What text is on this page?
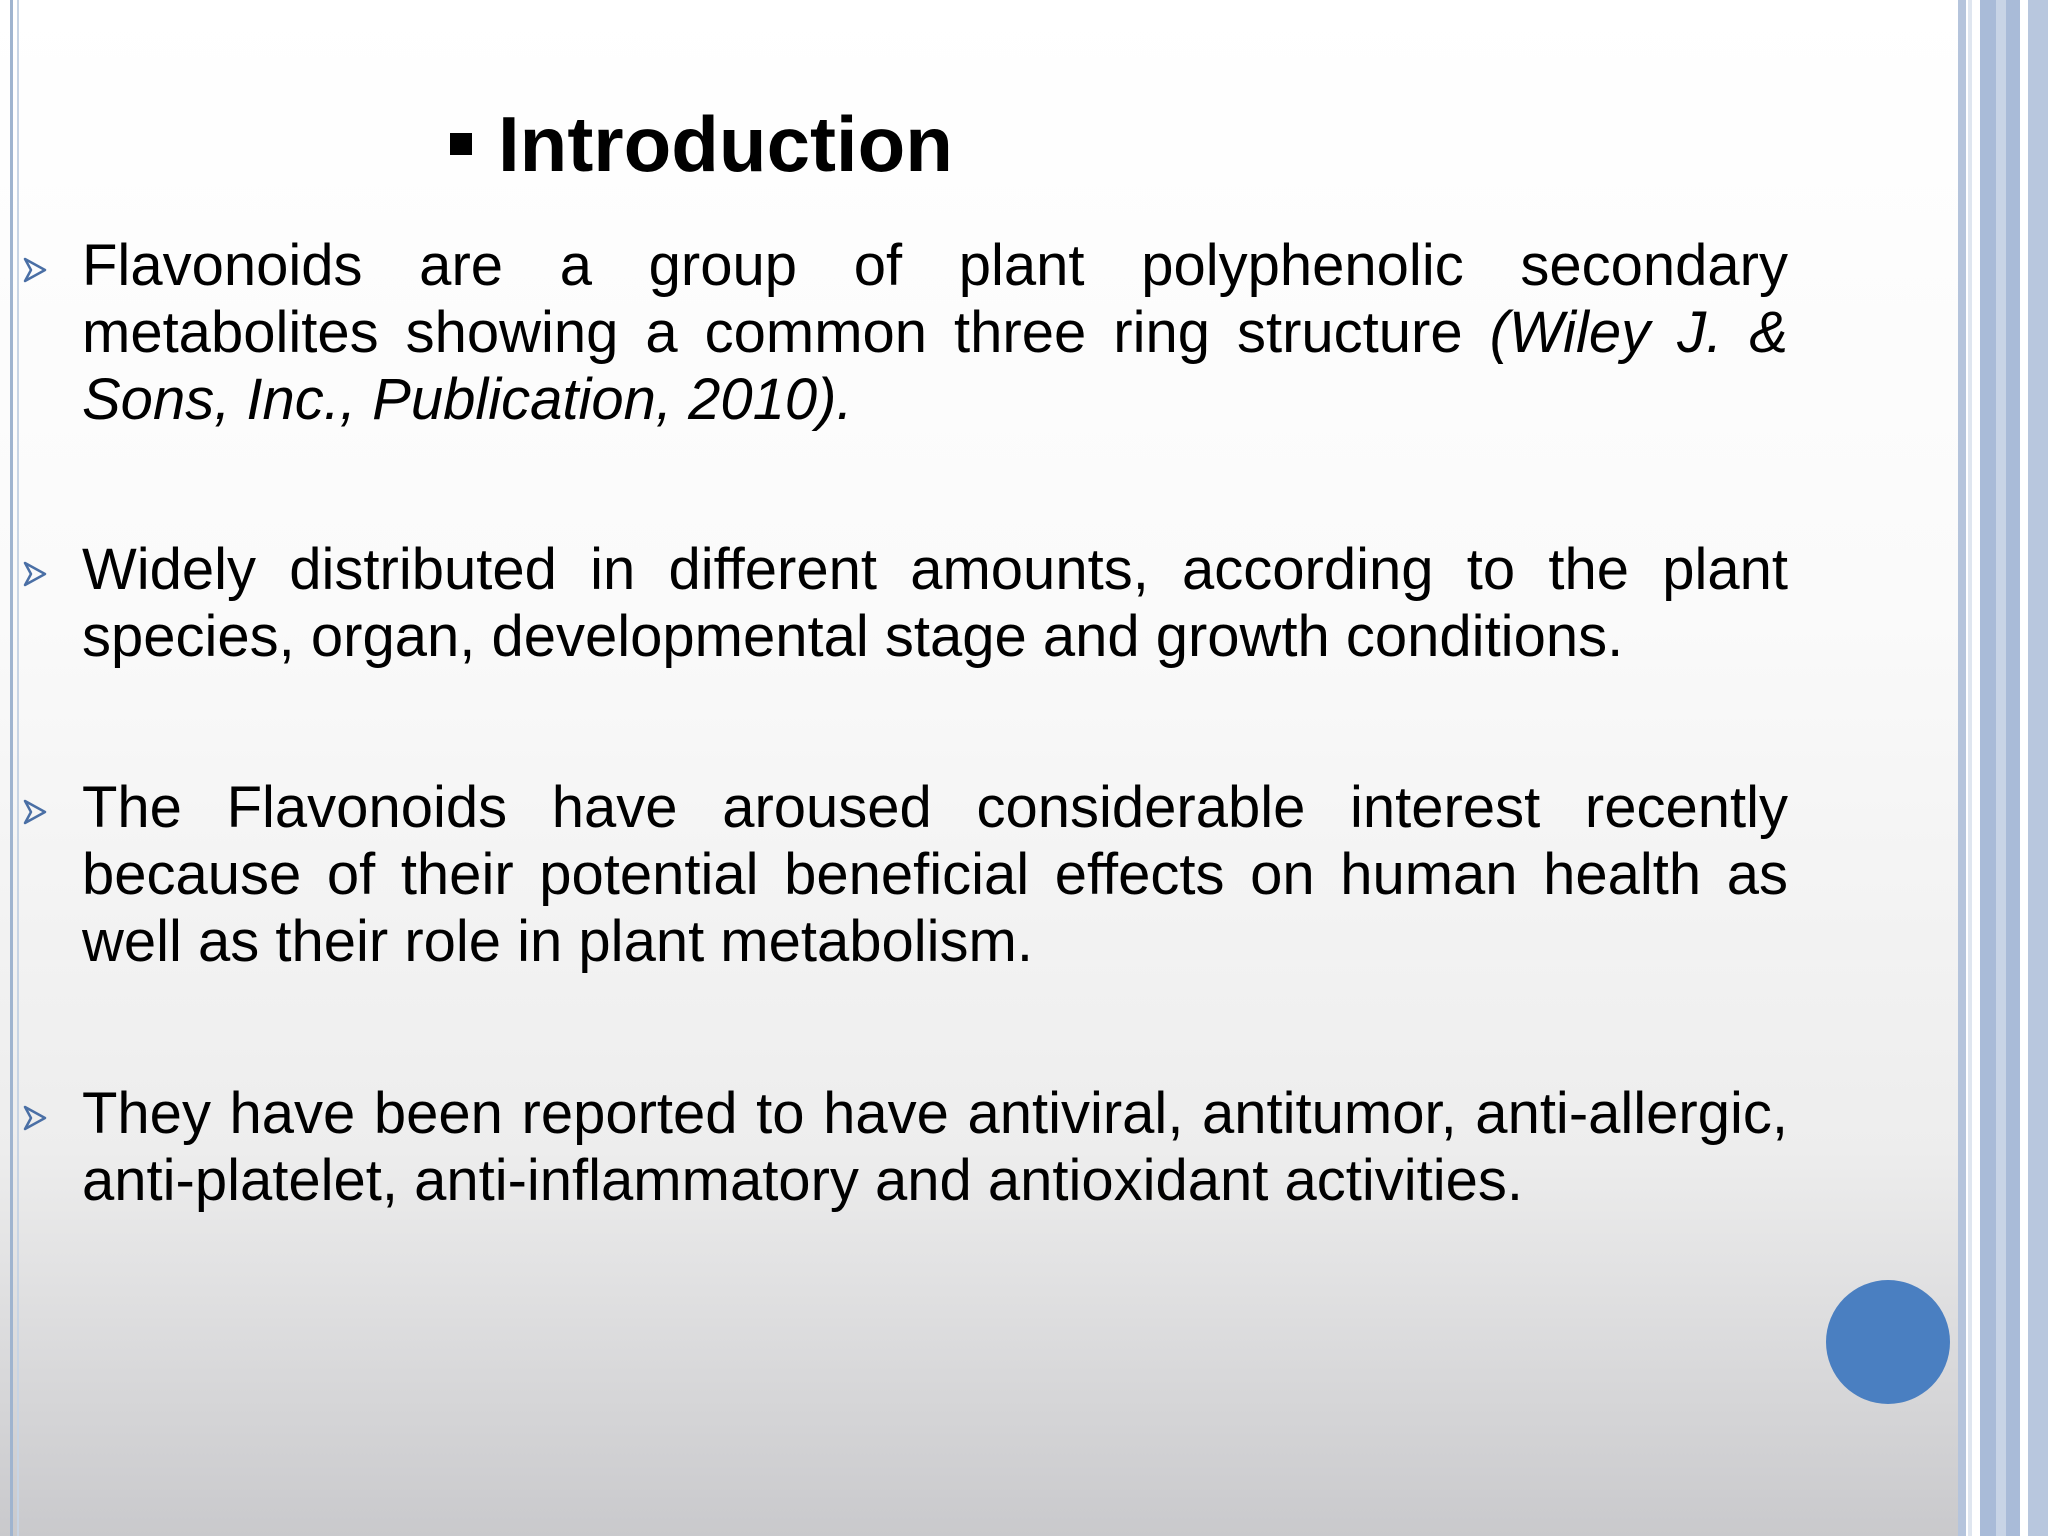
Introduction
Flavonoids are a group of plant polyphenolic secondary metabolites showing a common three ring structure (Wiley J. & Sons, Inc., Publication, 2010).
Widely distributed in different amounts, according to the plant species, organ, developmental stage and growth conditions.
The Flavonoids have aroused considerable interest recently because of their potential beneficial effects on human health as well as their role in plant metabolism.
They have been reported to have antiviral, antitumor, anti-allergic, anti-platelet, anti-inflammatory and antioxidant activities.
